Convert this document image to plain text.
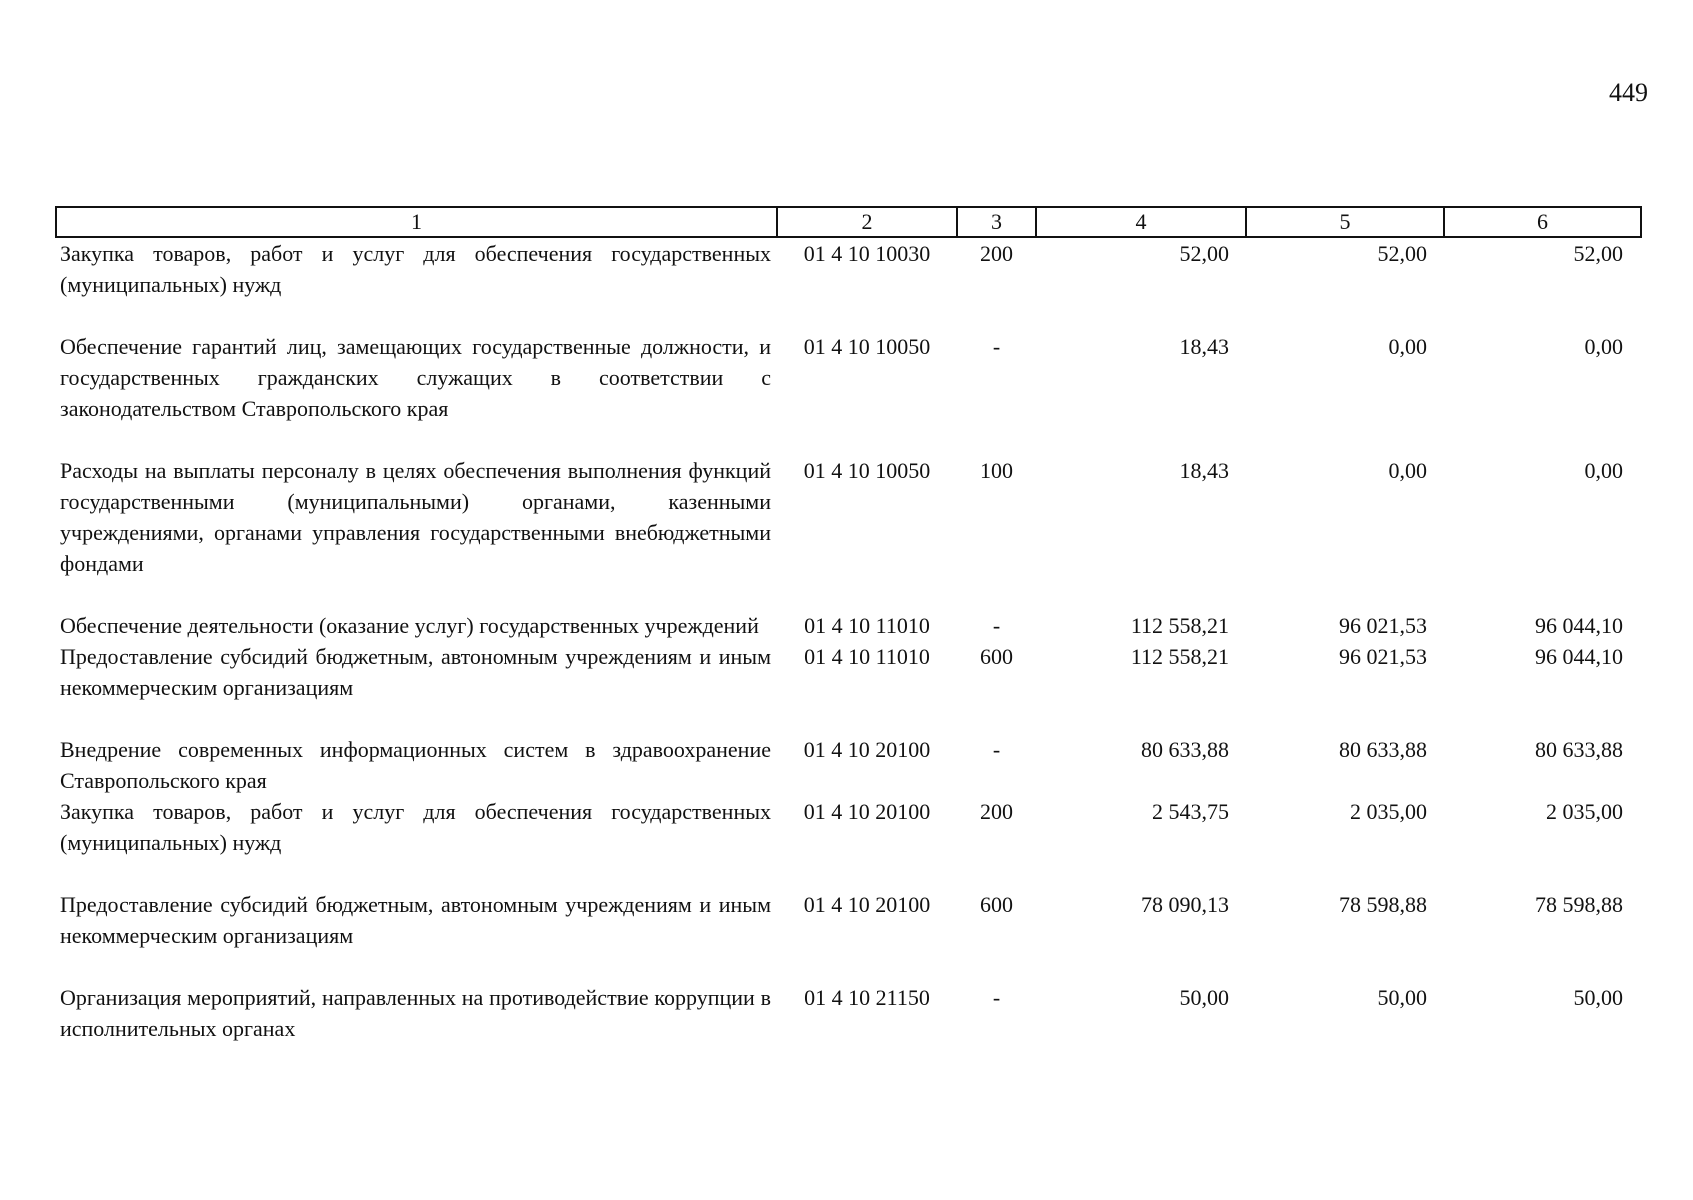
449
1	2	3	4	5	6
Закупка товаров, работ и услуг для обеспечения государственных (муниципальных) нужд	01 4 10 10030	200	52,00	52,00	52,00
Обеспечение гарантий лиц, замещающих государственные должности, и государственных гражданских служащих в соответствии с законодательством Ставропольского края	01 4 10 10050	-	18,43	0,00	0,00
Расходы на выплаты персоналу в целях обеспечения выполнения функций государственными (муниципальными) органами, казенными учреждениями, органами управления государственными внебюджетными фондами	01 4 10 10050	100	18,43	0,00	0,00
Обеспечение деятельности (оказание услуг) государственных учреждений	01 4 10 11010	-	112 558,21	96 021,53	96 044,10
Предоставление субсидий бюджетным, автономным учреждениям и иным некоммерческим организациям	01 4 10 11010	600	112 558,21	96 021,53	96 044,10
Внедрение современных информационных систем в здравоохранение Ставропольского края	01 4 10 20100	-	80 633,88	80 633,88	80 633,88
Закупка товаров, работ и услуг для обеспечения государственных (муниципальных) нужд	01 4 10 20100	200	2 543,75	2 035,00	2 035,00
Предоставление субсидий бюджетным, автономным учреждениям и иным некоммерческим организациям	01 4 10 20100	600	78 090,13	78 598,88	78 598,88
Организация мероприятий, направленных на противодействие коррупции в исполнительных органах	01 4 10 21150	-	50,00	50,00	50,00
